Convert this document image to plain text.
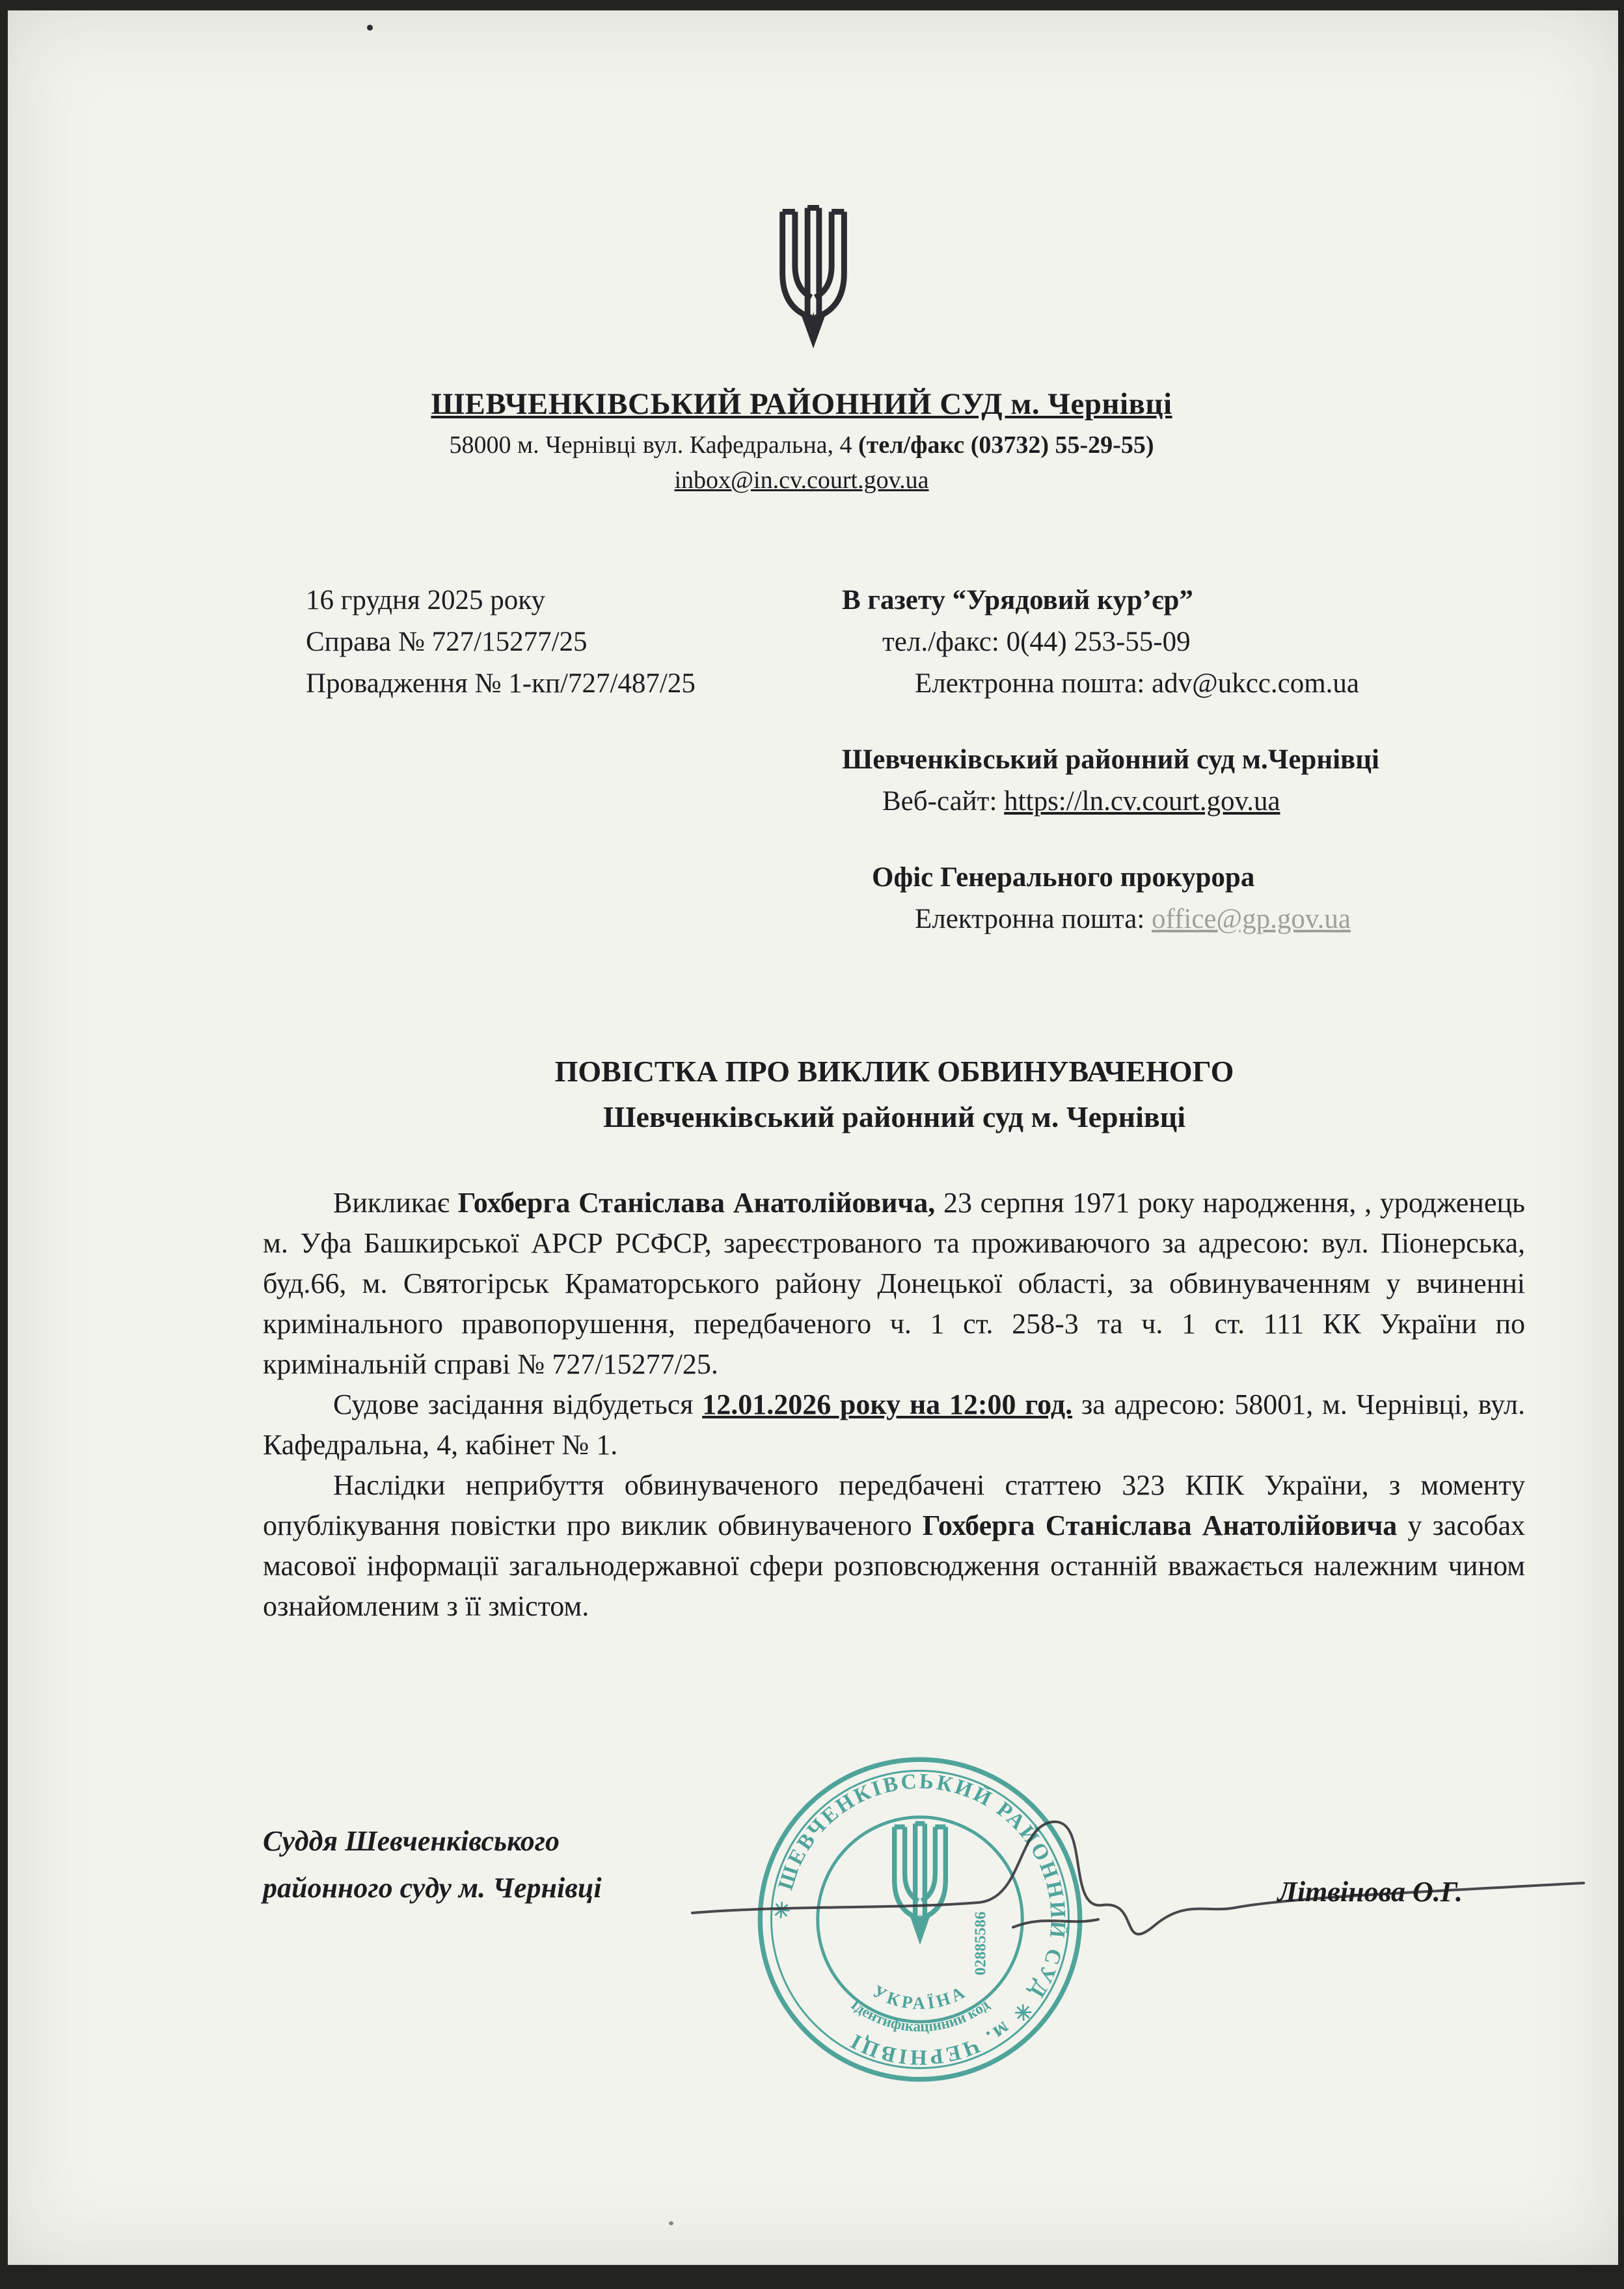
ШЕВЧЕНКІВСЬКИЙ РАЙОННИЙ СУД м. Чернівці
58000 м. Чернівці вул. Кафедральна, 4 (тел/факс (03732) 55-29-55)
inbox@in.cv.court.gov.ua
16 грудня 2025 року
Справа № 727/15277/25
Провадження № 1-кп/727/487/25
В газету “Урядовий кур’єр”
тел./факс: 0(44) 253-55-09
Електронна пошта: adv@ukcc.com.ua
Шевченківський районний суд м.Чернівці
Веб-сайт: https://ln.cv.court.gov.ua
Офіс Генерального прокурора
Електронна пошта: office@gp.gov.ua
ПОВІСТКА ПРО ВИКЛИК ОБВИНУВАЧЕНОГО
Шевченківський районний суд м. Чернівці

Викликає Гохберга Станіслава Анатолійовича, 23 серпня 1971 року народження, , уродженець м. Уфа Башкирської АРСР РСФСР, зареєстрованого та проживаючого за адресою: вул. Піонерська, буд.66, м. Святогірськ Краматорського району Донецької області, за обвинуваченням у вчиненні кримінального правопорушення, передбаченого ч. 1 ст. 258-3 та ч. 1 ст. 111 КК України по кримінальній справі № 727/15277/25.

Судове засідання відбудеться 12.01.2026 року на 12:00 год. за адресою: 58001, м. Чернівці, вул. Кафедральна, 4, кабінет № 1.

Наслідки неприбуття обвинуваченого передбачені статтею 323 КПК України, з моменту опублікування повістки про виклик обвинуваченого Гохберга Станіслава Анатолійовича у засобах масової інформації загальнодержавної сфери розповсюдження останній вважається належним чином ознайомленим з її змістом.

Суддя Шевченківського
районного суду м. Чернівці
✳ ШЕВЧЕНКІВСЬКИЙ РАЙОННИЙ СУД ✳ м. ЧЕРНІВЦІ
Ідентифікаційний код
УКРАЇНА
02885586
Літвінова О.Г.
